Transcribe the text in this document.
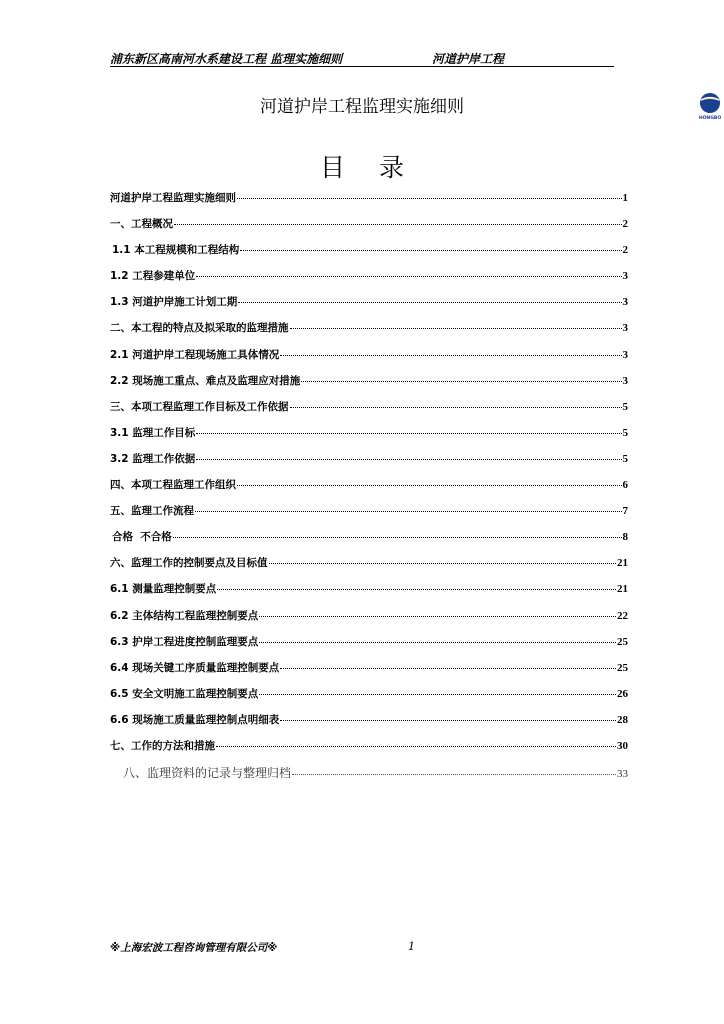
浦东新区高南河水系建设工程 监理实施细则	河道护岸工程
河道护岸工程监理实施细则
HONGBO
目录
河道护岸工程监理实施细则	1
一、工程概况	2
1.1 本工程规模和工程结构	2
1.2 工程参建单位	3
1.3 河道护岸施工计划工期	3
二、本工程的特点及拟采取的监理措施	3
2.1 河道护岸工程现场施工具体情况	3
2.2 现场施工重点、难点及监理应对措施	3
三、本项工程监理工作目标及工作依据	5
3.1 监理工作目标	5
3.2 监理工作依据	5
四、本项工程监理工作组织	6
五、监理工作流程	7
合格  不合格	8
六、监理工作的控制要点及目标值	21
6.1 测量监理控制要点	21
6.2 主体结构工程监理控制要点	22
6.3 护岸工程进度控制监理要点	25
6.4 现场关键工序质量监理控制要点	25
6.5 安全文明施工监理控制要点	26
6.6 现场施工质量监理控制点明细表	28
七、工作的方法和措施	30
八、监理资料的记录与整理归档	33
※上海宏波工程咨询管理有限公司※	1
